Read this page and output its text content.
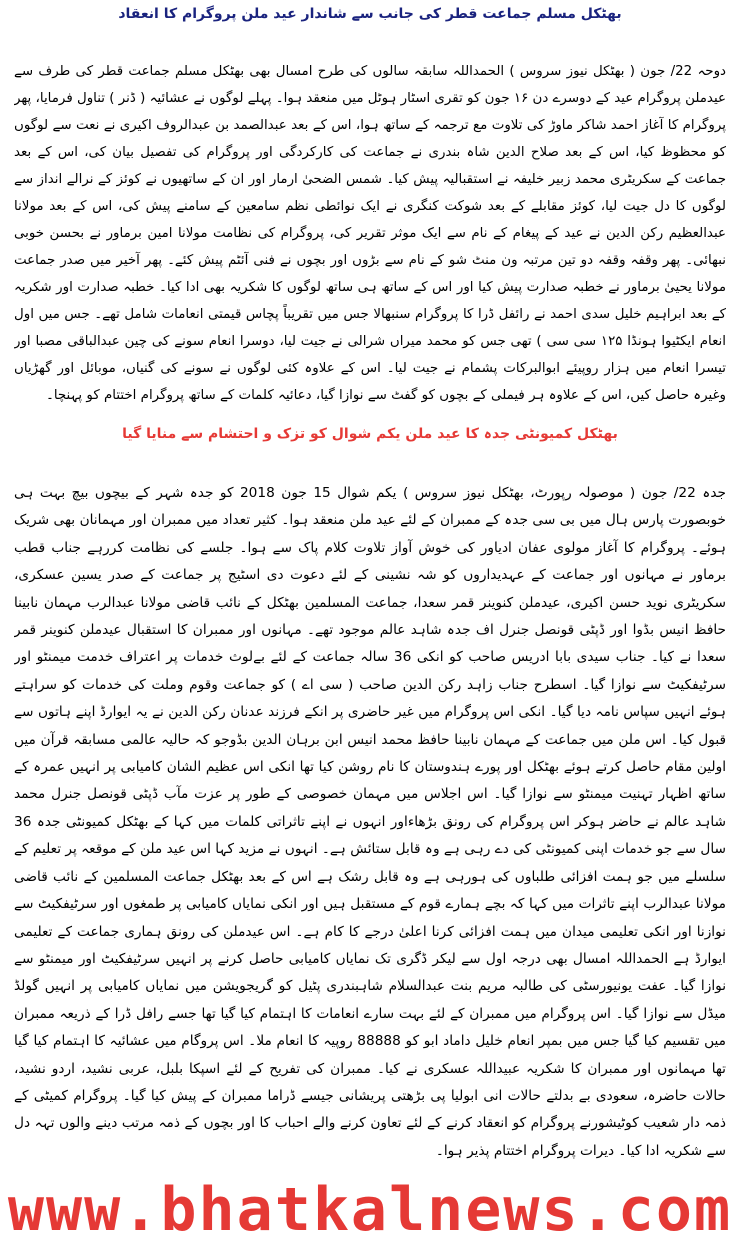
بھٹکل مسلم جماعت قطر کی جانب سے شاندار عید ملن پروگرام کا انعقاد

دوحہ 22/ جون ( بھٹکل نیوز سروس ) الحمداللہ سابقہ سالوں کی طرح امسال بھی بھٹکل مسلم جماعت قطر کی طرف سے عیدملن پروگرام عید کے دوسرے دن ۱۶ جون کو تقری اسٹار ہوٹل میں منعقد ہوا۔ پہلے لوگوں نے عشائیہ ( ڈنر ) تناول فرمایا، پھر پروگرام کا آغاز احمد شاکر ماوڑ کی تلاوت مع ترجمہ کے ساتھ ہوا، اس کے بعد عبدالصمد بن عبدالروف اکیری نے نعت سے لوگوں کو محظوظ کیا، اس کے بعد صلاح الدین شاہ بندری نے جماعت کی کارکردگی اور پروگرام کی تفصیل بیان کی، اس کے بعد جماعت کے سکریٹری محمد زبیر خلیفہ نے استقبالیہ پیش کیا۔ شمس الضحیٰ ارمار اور ان کے ساتھیوں نے کوئز کے نرالے انداز سے لوگوں کا دل جیت لیا، کوئز مقابلے کے بعد شوکت کنگری نے ایک نوائطی نظم سامعین کے سامنے پیش کی، اس کے بعد مولانا عبدالعظیم رکن الدین نے عید کے پیغام کے نام سے ایک موثر تقریر کی، پروگرام کی نظامت مولانا امین برماور نے بحسن خوبی نبھائی۔ پھر وقفہ وقفہ دو تین مرتبہ ون منٹ شو کے نام سے بڑوں اور بچوں نے فنی آئٹم پیش کئے۔ پھر آخیر میں صدر جماعت مولانا یحییٰ برماور نے خطبہ صدارت پیش کیا اور اس کے ساتھ ہی ساتھ لوگوں کا شکریہ بھی ادا کیا۔ خطبہ صدارت اور شکریہ کے بعد ابراہیم خلیل سدی احمد نے رائفل ڈرا کا پروگرام سنبھالا جس میں تقریباً پچاس قیمتی انعامات شامل تھے۔ جس میں اول انعام ایکٹیوا ہونڈا ۱۲۵ سی سی ) تھی جس کو محمد میراں شرالی نے جیت لیا، دوسرا انعام سونے کی چین عبدالباقی مصبا اور تیسرا انعام میں ہزار روپیئے ابوالبرکات پشمام نے جیت لیا۔ اس کے علاوہ کئی لوگوں نے سونے کی گنیاں، موبائل اور گھڑیاں وغیرہ حاصل کیں، اس کے علاوہ ہر فیملی کے بچوں کو گفٹ سے نوازا گیا، دعائیہ کلمات کے ساتھ پروگرام اختتام کو پہنچا۔

بھٹکل کمیونٹی جدہ کا عید ملن یکم شوال کو تزک و احتشام سے منایا گیا

جدہ 22/ جون ( موصولہ رپورٹ، بھٹکل نیوز سروس ) یکم شوال 15 جون 2018 کو جدہ شہر کے بیچوں بیچ بہت ہی خوبصورت پارس ہال میں بی سی جدہ کے ممبران کے لئے عید ملن منعقد ہوا۔ کثیر تعداد میں ممبران اور مہمانان بھی شریک ہوئے۔ پروگرام کا آغاز مولوی عفان ادیاور کی خوش آواز تلاوت کلام پاک سے ہوا۔ جلسے کی نظامت کررہے جناب قطب برماور نے مہانوں اور جماعت کے عہدیداروں کو شہ نشینی کے لئے دعوت دی اسٹیج پر جماعت کے صدر یسین عسکری، سکریٹری نوید حسن اکیری، عیدملن کنوینر قمر سعدا، جماعت المسلمین بھٹکل کے نائب قاضی مولانا عبدالرب مہمان نابینا حافظ انیس بڈوا اور ڈپٹی قونصل جنرل اف جدہ شاہد عالم موجود تھے۔ مہانوں اور ممبران کا استقبال عیدملن کنوینر قمر سعدا نے کیا۔ جناب سیدی بابا ادریس صاحب کو انکی 36 سالہ جماعت کے لئے بےلوث خدمات پر اعتراف خدمت میمنٹو اور سرٹیفکیٹ سے نوازا گیا۔ اسطرح جناب زاہد رکن الدین صاحب ( سی اے ) کو جماعت وقوم وملت کی خدمات کو سراہتے ہوئے انہیں سپاس نامہ دیا گیا۔ انکی اس پروگرام میں غیر حاضری پر انکے فرزند عدنان رکن الدین نے یہ ایوارڈ اپنے ہاتوں سے قبول کیا۔ اس ملن میں جماعت کے مہمان نابینا حافظ محمد انیس ابن برہان الدین بڈوجو کہ حالیہ عالمی مسابقہ قرآن میں اولین مقام حاصل کرتے ہوئے بھٹکل اور پورے ہندوستان کا نام روشن کیا تھا انکی اس عظیم الشان کامیابی پر انہیں عمرہ کے ساتھ اظہار تہنیت میمنٹو سے نوازا گیا۔ اس اجلاس میں مہمان خصوصی کے طور پر عزت مآب ڈپٹی قونصل جنرل محمد شاہد عالم نے حاضر ہوکر اس پروگرام کی رونق بڑھاءاور انہوں نے اپنے تاثراتی کلمات میں کہا کے بھٹکل کمیونٹی جدہ 36 سال سے جو خدمات اپنی کمیونٹی کی دے رہی ہے وہ قابل ستائش ہے۔ انہوں نے مزید کہا اس عید ملن کے موقعہ پر تعلیم کے سلسلے میں جو ہمت افزائی طلباوں کی ہورہی ہے وہ قابل رشک ہے اس کے بعد بھٹکل جماعت المسلمین کے نائب قاضی مولانا عبدالرب اپنے تاثرات میں کہا کہ بچے ہمارے قوم کے مستقبل ہیں اور انکی نمایاں کامیابی پر طمغوں اور سرٹیفکیٹ سے نوازنا اور انکی تعلیمی میدان میں ہمت افزائی کرنا اعلیٰ درجے کا کام ہے۔ اس عیدملن کی رونق ہماری جماعت کے تعلیمی ایوارڈ ہے الحمداللہ امسال بھی درجہ اول سے لیکر ڈگری تک نمایاں کامیابی حاصل کرنے پر انہیں سرٹیفکیٹ اور میمنٹو سے نوازا گیا۔ عفت یونیورسٹی کی طالبہ مریم بنت عبدالسلام شاہبندری پٹیل کو گریجویشن میں نمایاں کامیابی پر انہیں گولڈ میڈل سے نوازا گیا۔ اس پروگرام میں ممبران کے لئے بہت سارے انعامات کا اہتمام کیا گیا تھا جسے رافل ڈرا کے ذریعہ ممبران میں تقسیم کیا گیا جس میں بمپر انعام خلیل داماد ابو کو 88888 روپیہ کا انعام ملا۔ اس پروگام میں عشائیہ کا اہتمام کیا گیا تھا مہمانوں اور ممبران کا شکریہ عبیداللہ عسکری نے کیا۔ ممبران کی تفریح کے لئے اسپکا بلبل، عربی نشید، اردو نشید، حالات حاضرہ، سعودی بے بدلتے حالات انی ابولیا پی بڑھتی پریشانی جیسے ڈراما ممبران کے پیش کیا گیا۔ پروگرام کمیٹی کے ذمہ دار شعیب کوٹیشورنے پروگرام کو انعقاد کرنے کے لئے تعاون کرنے والے احباب کا اور بچوں کے ذمہ مرتب دینے والوں تہہ دل سے شکریہ ادا کیا۔ دیرات پروگرام اختتام پذیر ہوا۔

www.bhatkalnews.com
